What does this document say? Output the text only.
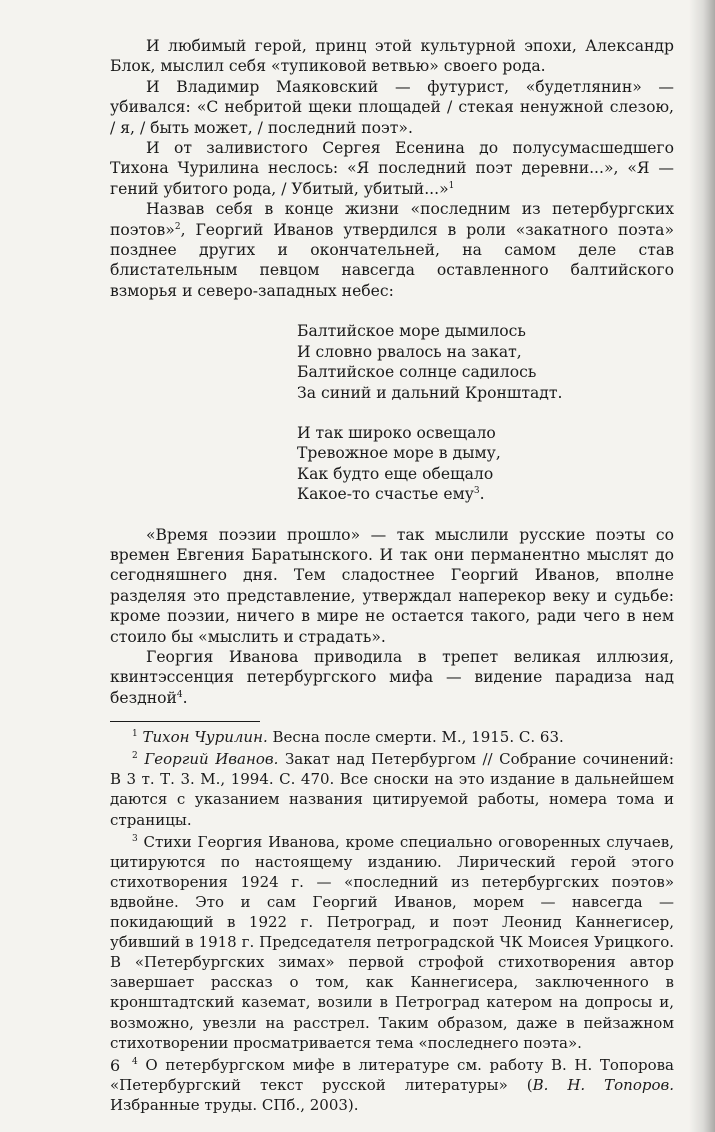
И любимый герой, принц этой культурной эпохи, Александр Блок, мыслил себя «тупиковой ветвью» своего рода.

И Владимир Маяковский — футурист, «будетлянин» — убивался: «С небритой щеки площадей / стекая ненужной слезою, / я, / быть может, / последний поэт».

И от заливистого Сергея Есенина до полусумасшедшего Тихона Чурилина неслось: «Я последний поэт деревни...», «Я — гений убитого рода, / Убитый, убитый...»$^1$

Назвав себя в конце жизни «последним из петербургских поэтов»$^2$, Георгий Иванов утвердился в роли «закатного поэта» позднее других и окончательней, на самом деле став блистательным певцом навсегда оставленного балтийского взморья и северо-западных небес:

Балтийское море дымилось
И словно рвалось на закат,
Балтийское солнце садилось
За синий и дальний Кронштадт.
И так широко освещало
Тревожное море в дыму,
Как будто еще обещало
Какое-то счастье ему$^3$.

«Время поэзии прошло» — так мыслили русские поэты со времен Евгения Баратынского. И так они перманентно мыслят до сегодняшнего дня. Тем сладостнее Георгий Иванов, вполне разделяя это представление, утверждал наперекор веку и судьбе: кроме поэзии, ничего в мире не остается такого, ради чего в нем стоило бы «мыслить и страдать».

Георгия Иванова приводила в трепет великая иллюзия, квинтэссенция петербургского мифа — видение парадиза над бездной$^4$.

$^1$ Тихон Чурилин. Весна после смерти. М., 1915. С. 63.

$^2$ Георгий Иванов. Закат над Петербургом // Собрание сочинений: В 3 т. Т. 3. М., 1994. С. 470. Все сноски на это издание в дальнейшем даются с указанием названия цитируемой работы, номера тома и страницы.

$^3$ Стихи Георгия Иванова, кроме специально оговоренных случаев, цитируются по настоящему изданию. Лирический герой этого стихотворения 1924 г. — «последний из петербургских поэтов» вдвойне. Это и сам Георгий Иванов, морем — навсегда — покидающий в 1922 г. Петроград, и поэт Леонид Каннегисер, убивший в 1918 г. Председателя петроградской ЧК Моисея Урицкого. В «Петербургских зимах» первой строфой стихотворения автор завершает рассказ о том, как Каннегисера, заключенного в кронштадтский каземат, возили в Петроград катером на допросы и, возможно, увезли на расстрел. Таким образом, даже в пейзажном стихотворении просматривается тема «последнего поэта».

$^4$ О петербургском мифе в литературе см. работу В. Н. Топорова «Петербургский текст русской литературы» (В. Н. Топоров. Избранные труды. СПб., 2003).

6
